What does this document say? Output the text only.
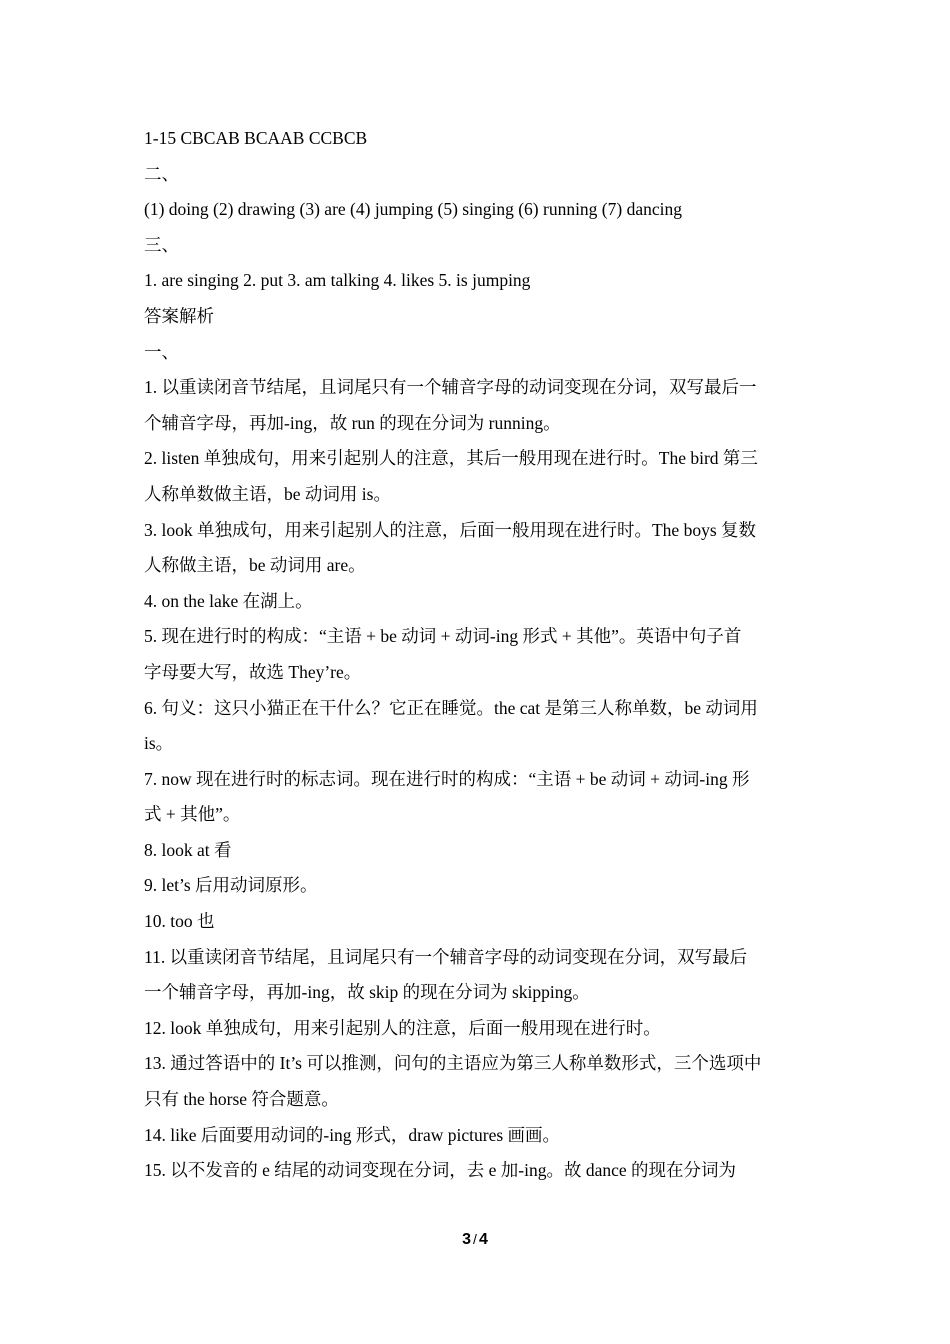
1-15 CBCAB BCAAB CCBCB
二、
(1) doing (2) drawing (3) are (4) jumping (5) singing (6) running (7) dancing
三、
1. are singing 2. put 3. am talking 4. likes 5. is jumping
答案解析
一、
1. 以重读闭音节结尾，且词尾只有一个辅音字母的动词变现在分词，双写最后一
个辅音字母，再加-ing，故 run 的现在分词为 running。
2. listen 单独成句，用来引起别人的注意，其后一般用现在进行时。The bird 第三
人称单数做主语，be 动词用 is。
3. look 单独成句，用来引起别人的注意，后面一般用现在进行时。The boys 复数
人称做主语，be 动词用 are。
4. on the lake 在湖上。
5. 现在进行时的构成：“主语 + be 动词 + 动词-ing 形式 + 其他”。英语中句子首
字母要大写，故选 They’re。
6. 句义：这只小猫正在干什么？它正在睡觉。the cat 是第三人称单数，be 动词用
is。
7. now 现在进行时的标志词。现在进行时的构成：“主语 + be 动词 + 动词-ing 形
式 + 其他”。
8. look at 看
9. let’s 后用动词原形。
10. too 也
11. 以重读闭音节结尾，且词尾只有一个辅音字母的动词变现在分词，双写最后
一个辅音字母，再加-ing，故 skip 的现在分词为 skipping。
12. look 单独成句，用来引起别人的注意，后面一般用现在进行时。
13. 通过答语中的 It’s 可以推测，问句的主语应为第三人称单数形式，三个选项中
只有 the horse 符合题意。
14. like 后面要用动词的-ing 形式，draw pictures 画画。
15. 以不发音的 e 结尾的动词变现在分词，去 e 加-ing。故 dance 的现在分词为
3 / 4
